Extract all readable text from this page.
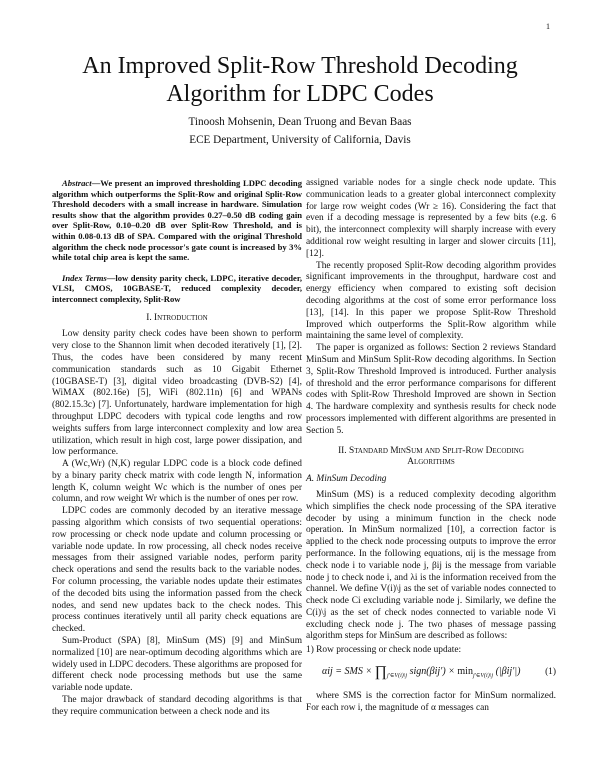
1
An Improved Split-Row Threshold Decoding
Algorithm for LDPC Codes
Tinoosh Mohsenin, Dean Truong and Bevan Baas
ECE Department, University of California, Davis

Abstract—We present an improved thresholding LDPC decoding algorithm which outperforms the Split-Row and original Split-Row Threshold decoders with a small increase in hardware. Simulation results show that the algorithm provides 0.27–0.50 dB coding gain over Split-Row, 0.10–0.20 dB over Split-Row Threshold, and is within 0.08-0.13 dB of SPA. Compared with the original Threshold algorithm the check node processor's gate count is increased by 3% while total chip area is kept the same.

Index Terms—low density parity check, LDPC, iterative decoder, VLSI, CMOS, 10GBASE-T, reduced complexity decoder, interconnect complexity, Split-Row

I. Introduction

Low density parity check codes have been shown to perform very close to the Shannon limit when decoded iteratively [1], [2]. Thus, the codes have been considered by many recent communication standards such as 10 Gigabit Ethernet (10GBASE-T) [3], digital video broadcasting (DVB-S2) [4], WiMAX (802.16e) [5], WiFi (802.11n) [6] and WPANs (802.15.3c) [7]. Unfortunately, hardware implementation for high throughput LDPC decoders with typical code lengths and row weights suffers from large interconnect complexity and low area utilization, which result in high cost, large power dissipation, and low performance.

A (Wc,Wr) (N,K) regular LDPC code is a block code defined by a binary parity check matrix with code length N, information length K, column weight Wc which is the number of ones per column, and row weight Wr which is the number of ones per row.

LDPC codes are commonly decoded by an iterative message passing algorithm which consists of two sequential operations: row processing or check node update and column processing or variable node update. In row processing, all check nodes receive messages from their assigned variable nodes, perform parity check operations and send the results back to the variable nodes. For column processing, the variable nodes update their estimates of the decoded bits using the information passed from the check nodes, and send new updates back to the check nodes. This process continues iteratively until all parity check equations are checked.

Sum-Product (SPA) [8], MinSum (MS) [9] and MinSum normalized [10] are near-optimum decoding algorithms which are widely used in LDPC decoders. These algorithms are proposed for different check node processing methods but use the same variable node update.

The major drawback of standard decoding algorithms is that they require communication between a check node and its

assigned variable nodes for a single check node update. This communication leads to a greater global interconnect complexity for large row weight codes (Wr ≥ 16). Considering the fact that even if a decoding message is represented by a few bits (e.g. 6 bit), the interconnect complexity will sharply increase with every additional row weight resulting in larger and slower circuits [11], [12].

The recently proposed Split-Row decoding algorithm provides significant improvements in the throughput, hardware cost and energy efficiency when compared to existing soft decision decoding algorithms at the cost of some error performance loss [13], [14]. In this paper we propose Split-Row Threshold Improved which outperforms the Split-Row algorithm while maintaining the same level of complexity.

The paper is organized as follows: Section 2 reviews Standard MinSum and MinSum Split-Row decoding algorithms. In Section 3, Split-Row Threshold Improved is introduced. Further analysis of threshold and the error performance comparisons for different codes with Split-Row Threshold Improved are shown in Section 4. The hardware complexity and synthesis results for check node processors implemented with different algorithms are presented in Section 5.

II. Standard MinSum and Split-Row Decoding
Algorithms
A. MinSum Decoding

MinSum (MS) is a reduced complexity decoding algorithm which simplifies the check node processing of the SPA iterative decoder by using a minimum function in the check node operation. In MinSum normalized [10], a correction factor is applied to the check node processing outputs to improve the error performance. In the following equations, αij is the message from check node i to variable node j, βij is the message from variable node j to check node i, and λi is the information received from the channel. We define V(i)\j as the set of variable nodes connected to check node Ci excluding variable node j. Similarly, we define the C(i)\j as the set of check nodes connected to variable node Vi excluding check node j. The two phases of message passing algorithm steps for MinSum are described as follows:

1) Row processing or check node update:
αij = SMS × $\prod_{j'\in V(i)\backslash j}$ sign(βij′) × $\min_{j'\in V(i)\backslash j} (|\beta ij'|)$	(1)

where SMS is the correction factor for MinSum normalized. For each row i, the magnitude of α messages can
